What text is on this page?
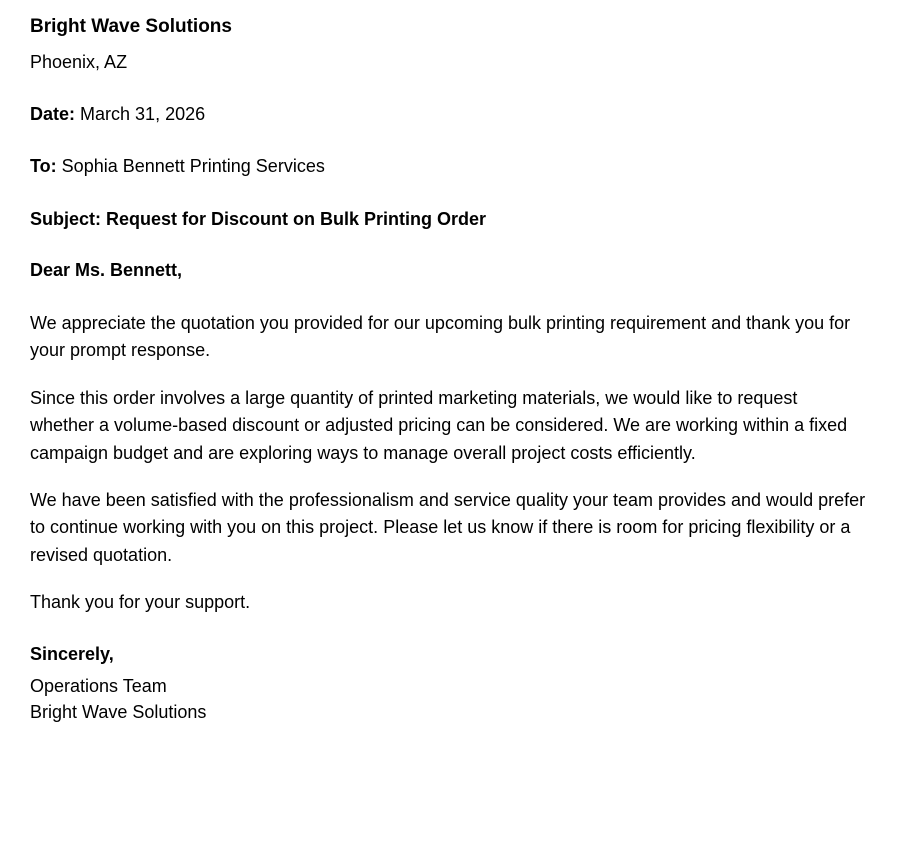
Bright Wave Solutions

Phoenix, AZ

Date: March 31, 2026

To: Sophia Bennett Printing Services

Subject: Request for Discount on Bulk Printing Order

Dear Ms. Bennett,

We appreciate the quotation you provided for our upcoming bulk printing requirement and thank you for your prompt response.

Since this order involves a large quantity of printed marketing materials, we would like to request whether a volume-based discount or adjusted pricing can be considered. We are working within a fixed campaign budget and are exploring ways to manage overall project costs efficiently.

We have been satisfied with the professionalism and service quality your team provides and would prefer to continue working with you on this project. Please let us know if there is room for pricing flexibility or a revised quotation.

Thank you for your support.

Sincerely,

Operations Team

Bright Wave Solutions
